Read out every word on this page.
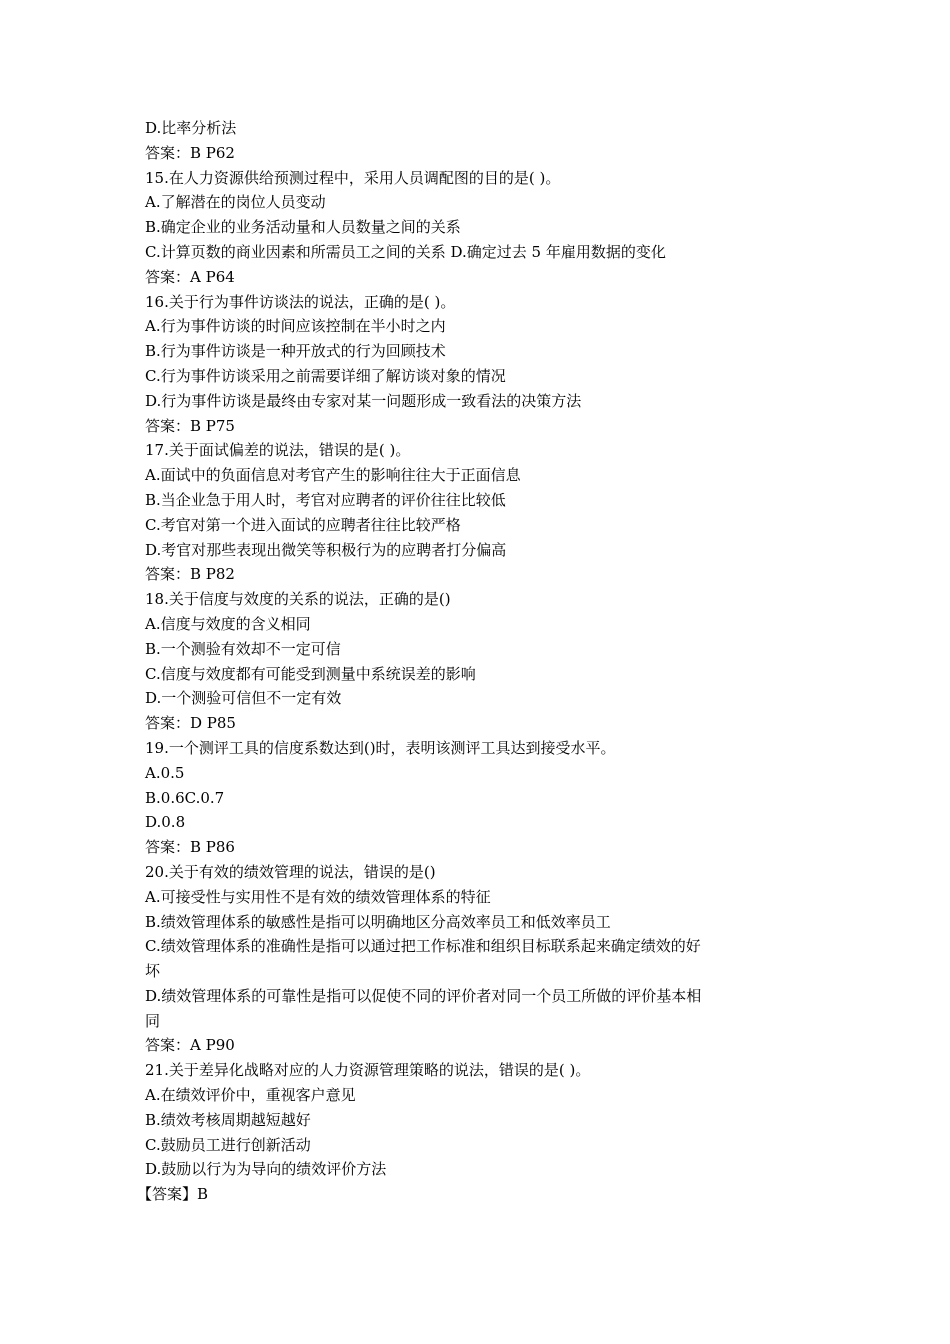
D.比率分析法
答案：B P62
15.在人力资源供给预测过程中，采用人员调配图的目的是( )。
A.了解潜在的岗位人员变动
B.确定企业的业务活动量和人员数量之间的关系
C.计算页数的商业因素和所需员工之间的关系 D.确定过去 5 年雇用数据的变化
答案：A P64
16.关于行为事件访谈法的说法，正确的是( )。
A.行为事件访谈的时间应该控制在半小时之内
B.行为事件访谈是一种开放式的行为回顾技术
C.行为事件访谈采用之前需要详细了解访谈对象的情况
D.行为事件访谈是最终由专家对某一问题形成一致看法的决策方法
答案：B P75
17.关于面试偏差的说法，错误的是( )。
A.面试中的负面信息对考官产生的影响往往大于正面信息
B.当企业急于用人时，考官对应聘者的评价往往比较低
C.考官对第一个进入面试的应聘者往往比较严格
D.考官对那些表现出微笑等积极行为的应聘者打分偏高
答案：B P82
18.关于信度与效度的关系的说法，正确的是()
A.信度与效度的含义相同
B.一个测验有效却不一定可信
C.信度与效度都有可能受到测量中系统误差的影响
D.一个测验可信但不一定有效
答案：D P85
19.一个测评工具的信度系数达到()时，表明该测评工具达到接受水平。
A.0.5
B.0.6C.0.7
D.0.8
答案：B P86
20.关于有效的绩效管理的说法，错误的是()
A.可接受性与实用性不是有效的绩效管理体系的特征
B.绩效管理体系的敏感性是指可以明确地区分高效率员工和低效率员工
C.绩效管理体系的准确性是指可以通过把工作标准和组织目标联系起来确定绩效的好
坏
D.绩效管理体系的可靠性是指可以促使不同的评价者对同一个员工所做的评价基本相
同
答案：A P90
21.关于差异化战略对应的人力资源管理策略的说法，错误的是( )。
A.在绩效评价中，重视客户意见
B.绩效考核周期越短越好
C.鼓励员工进行创新活动
D.鼓励以行为为导向的绩效评价方法
【答案】B
